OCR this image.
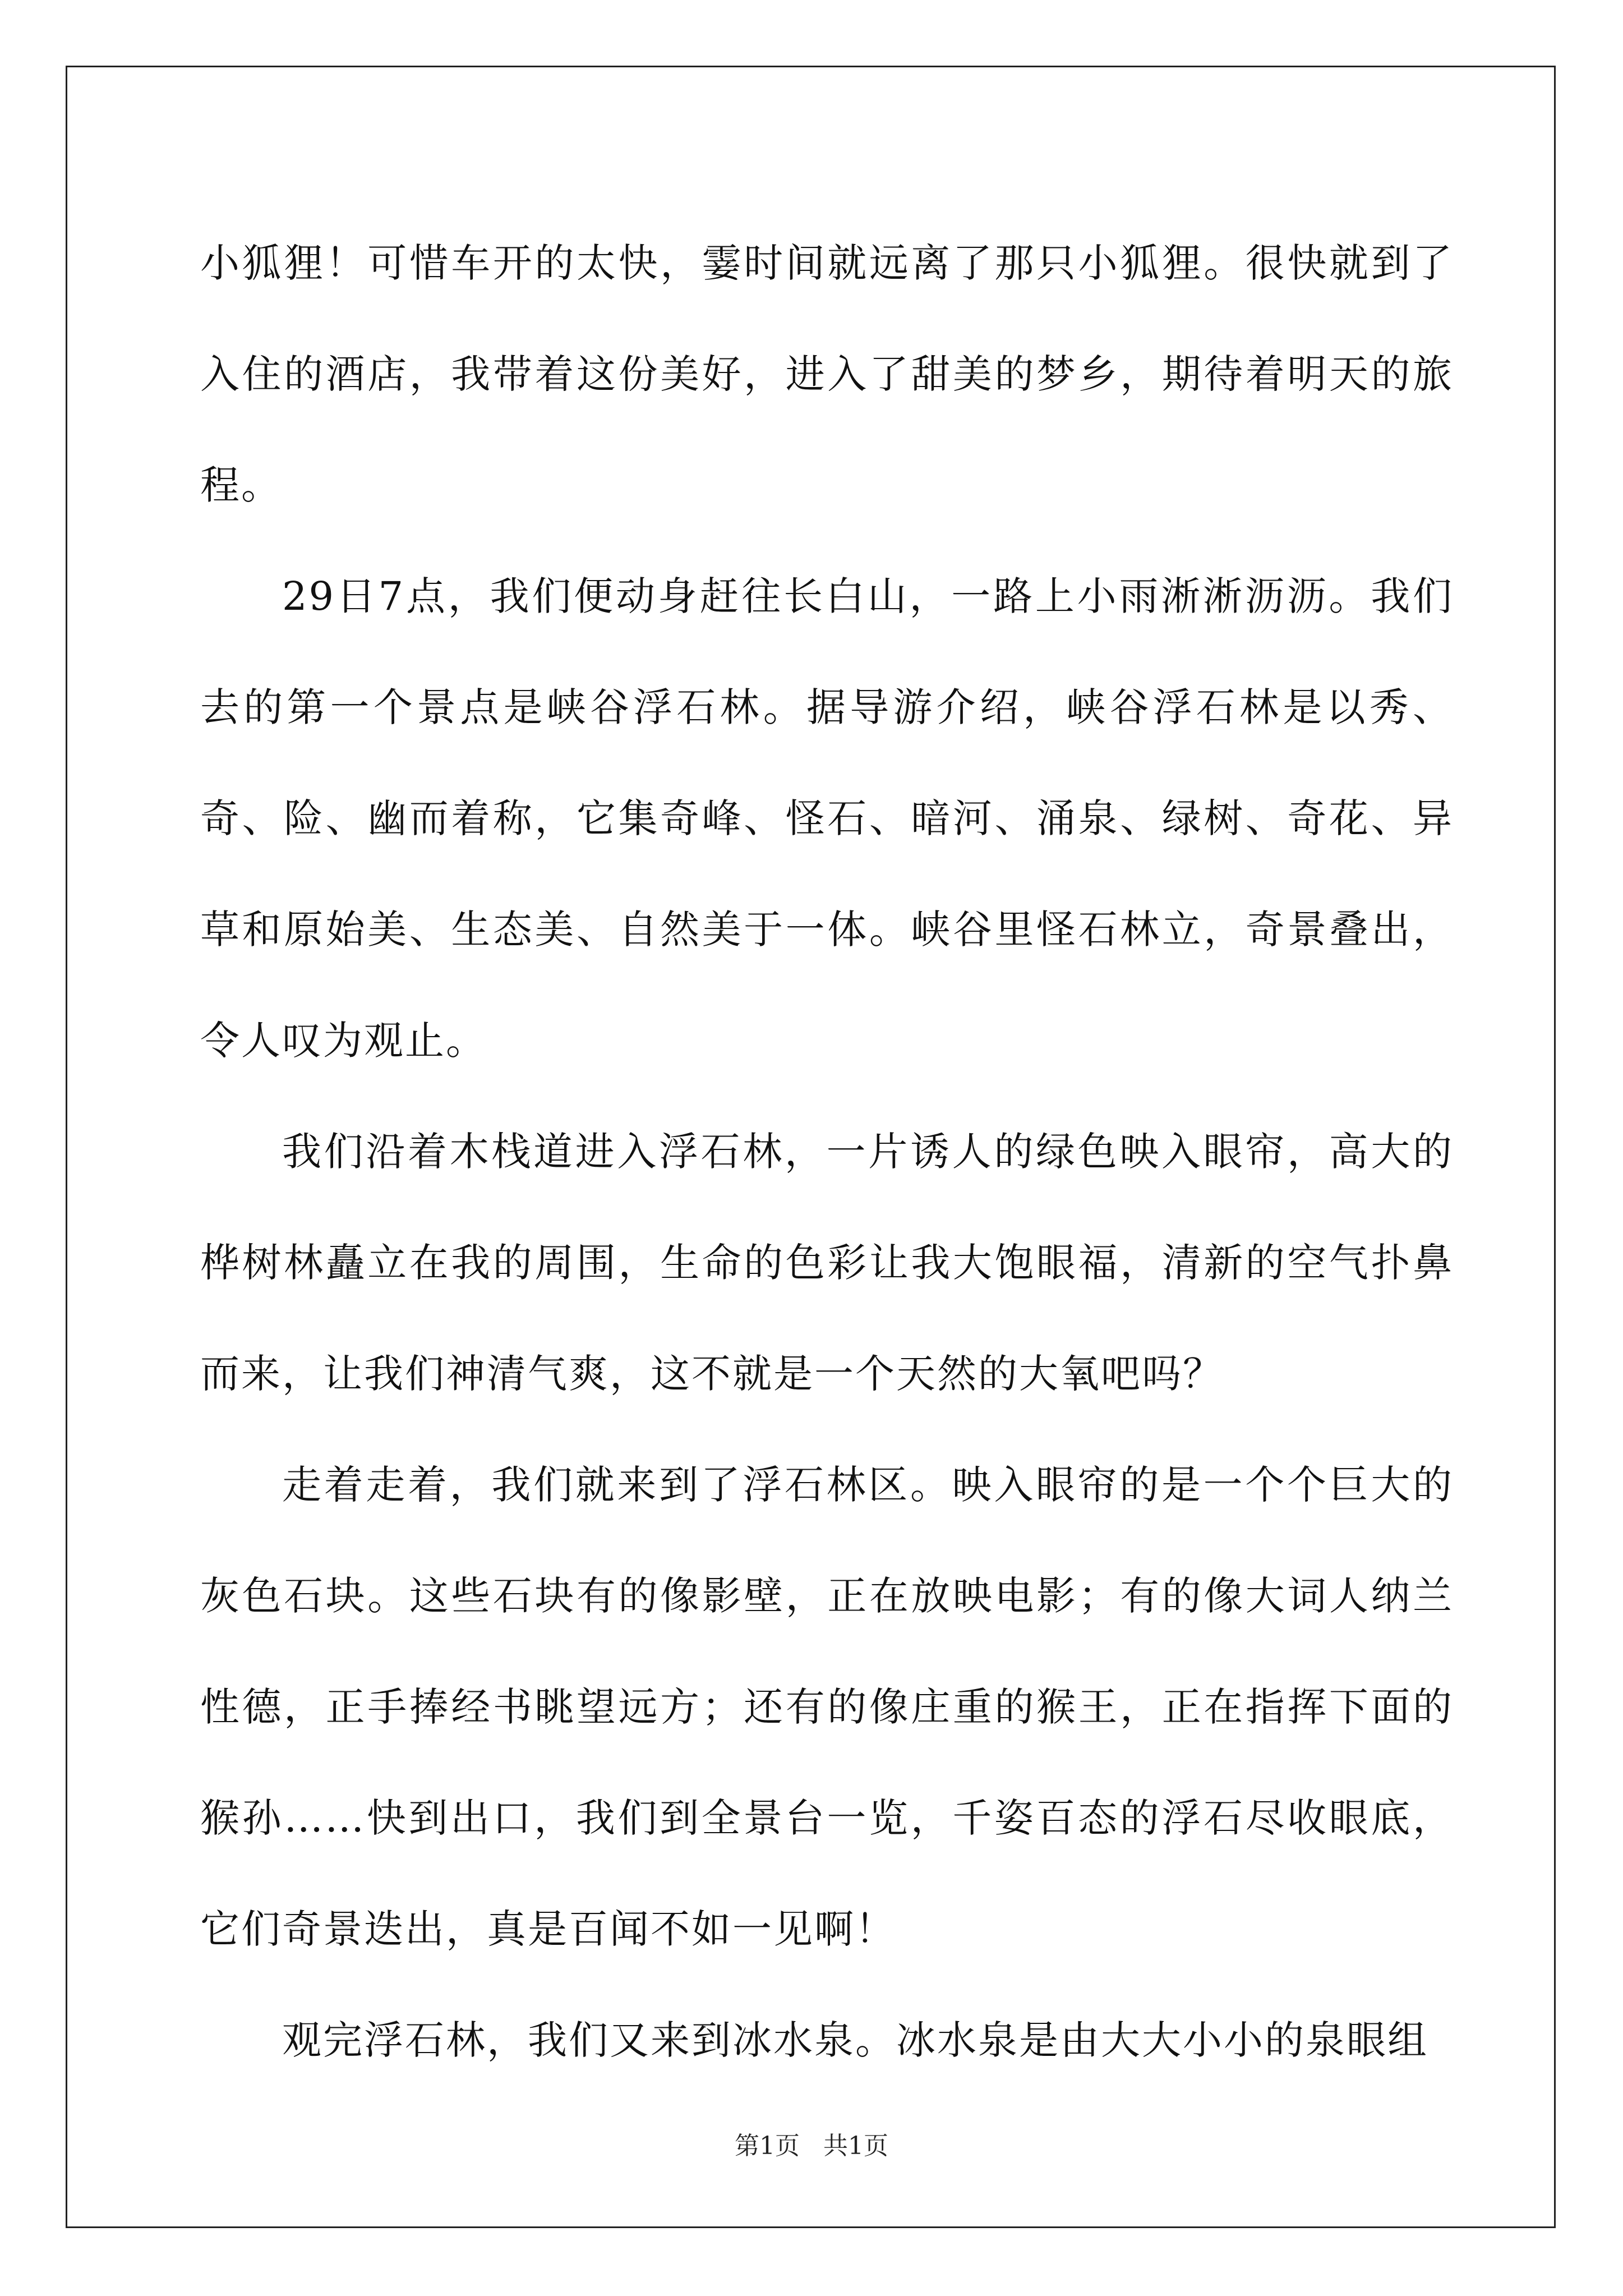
小狐狸！可惜车开的太快，霎时间就远离了那只小狐狸。很快就到了入住的酒店，我带着这份美好，进入了甜美的梦乡，期待着明天的旅程。

29日7点，我们便动身赶往长白山，一路上小雨淅淅沥沥。我们去的第一个景点是峡谷浮石林。据导游介绍，峡谷浮石林是以秀、奇、险、幽而着称，它集奇峰、怪石、暗河、涌泉、绿树、奇花、异草和原始美、生态美、自然美于一体。峡谷里怪石林立，奇景叠出，令人叹为观止。

我们沿着木栈道进入浮石林，一片诱人的绿色映入眼帘，高大的桦树林矗立在我的周围，生命的色彩让我大饱眼福，清新的空气扑鼻而来，让我们神清气爽，这不就是一个天然的大氧吧吗？

走着走着，我们就来到了浮石林区。映入眼帘的是一个个巨大的灰色石块。这些石块有的像影壁，正在放映电影；有的像大词人纳兰性德，正手捧经书眺望远方；还有的像庄重的猴王，正在指挥下面的猴孙……快到出口，我们到全景台一览，千姿百态的浮石尽收眼底，它们奇景迭出，真是百闻不如一见啊！

观完浮石林，我们又来到冰水泉。冰水泉是由大大小小的泉眼组

第1页 共1页
